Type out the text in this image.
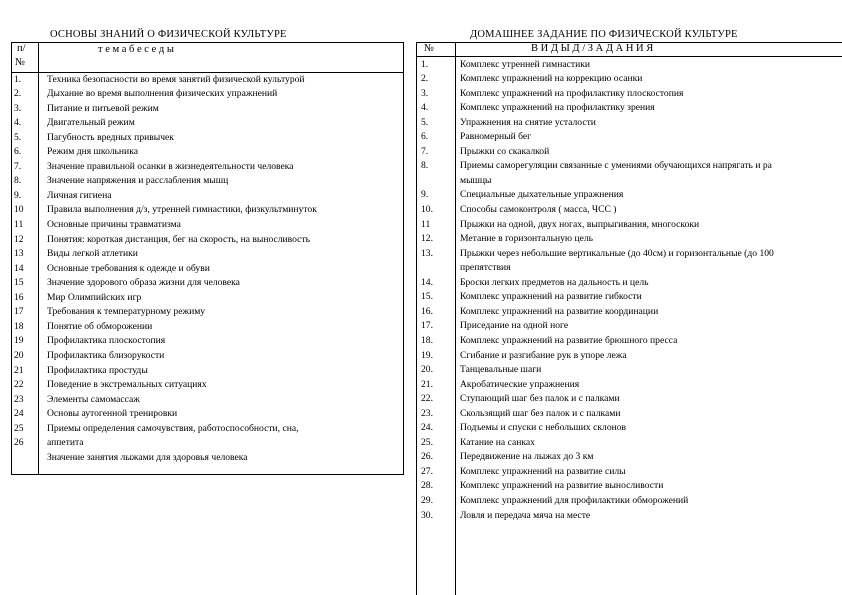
ОСНОВЫ ЗНАНИЙ О ФИЗИЧЕСКОЙ КУЛЬТУРЕ	ДОМАШНЕЕ ЗАДАНИЕ ПО ФИЗИЧЕСКОЙ КУЛЬТУРЕ
п/
№
т е м а б е с е д ы
1.	Техника безопасности во время занятий физической культурой
2.	Дыхание во время выполнения физических упражнений
3.	Питание и питьевой режим
4.	Двигательный режим
5.	Пагубность вредных привычек
6.	Режим дня школьника
7.	Значение правильной осанки в жизнедеятельности человека
8.	Значение напряжения и расслабления мышц
9.	Личная гигиена
10 Правила выполнения д/з, утренней гимнастики, физкультминуток
11 Основные причины травматизма
12 Понятия: короткая дистанция, бег на скорость, на выносливость
13 Виды легкой атлетики
14 Основные требования к одежде и обуви
15 Значение здорового образа жизни для человека
16 Мир Олимпийских игр
17 Требования к температурному режиму
18 Понятие об обморожении
19 Профилактика плоскостопия
20 Профилактика близорукости
21 Профилактика простуды
22 Поведение в экстремальных ситуациях
23 Элементы самомассаж
24 Основы аутогенной тренировки
25 Приемы определения самочувствия, работоспособности, сна,
26 аппетита
Значение занятия лыжами для здоровья человека
№	В И Д Ы Д / З А Д А Н И Я
1.	Комплекс утренней гимнастики
2.	Комплекс упражнений на коррекцию осанки
3.	Комплекс упражнений на профилактику плоскостопия
4.	Комплекс упражнений на профилактику зрения
5.	Упражнения на снятие усталости
6.	Равномерный бег
7.	Прыжки со скакалкой
8.	Приемы саморегуляции связанные с умениями обучающихся напрягать и ра
мышцы
9.	Специальные дыхательные упражнения
10.	Способы самоконтроля ( масса, ЧСС )
11	Прыжки на одной, двух ногах, выпрыгивания, многоскоки
12.	Метание в горизонтальную цель
13.	Прыжки через небольшие вертикальные (до 40см) и горизонтальные (до 100
препятствия
14.	Броски легких предметов на дальность и цель
15.	Комплекс упражнений на развитие гибкости
16.	Комплекс упражнений на развитие координации
17.	Приседание на одной ноге
18.	Комплекс упражнений на развитие брюшного пресса
19.	Сгибание и разгибание рук в упоре лежа
20.	Танцевальные шаги
21.	Акробатические упражнения
22.	Ступающий шаг без палок и с палками
23.	Скользящий шаг без палок и с палками
24.	Подъемы и спуски с небольших склонов
25.	Катание на санках
26.	Передвижение на лыжах до 3 км
27.	Комплекс упражнений на развитие силы
28.	Комплекс упражнений на развитие выносливости
29.	Комплекс упражнений для профилактики обморожений
30.	Ловля и передача мяча на месте
